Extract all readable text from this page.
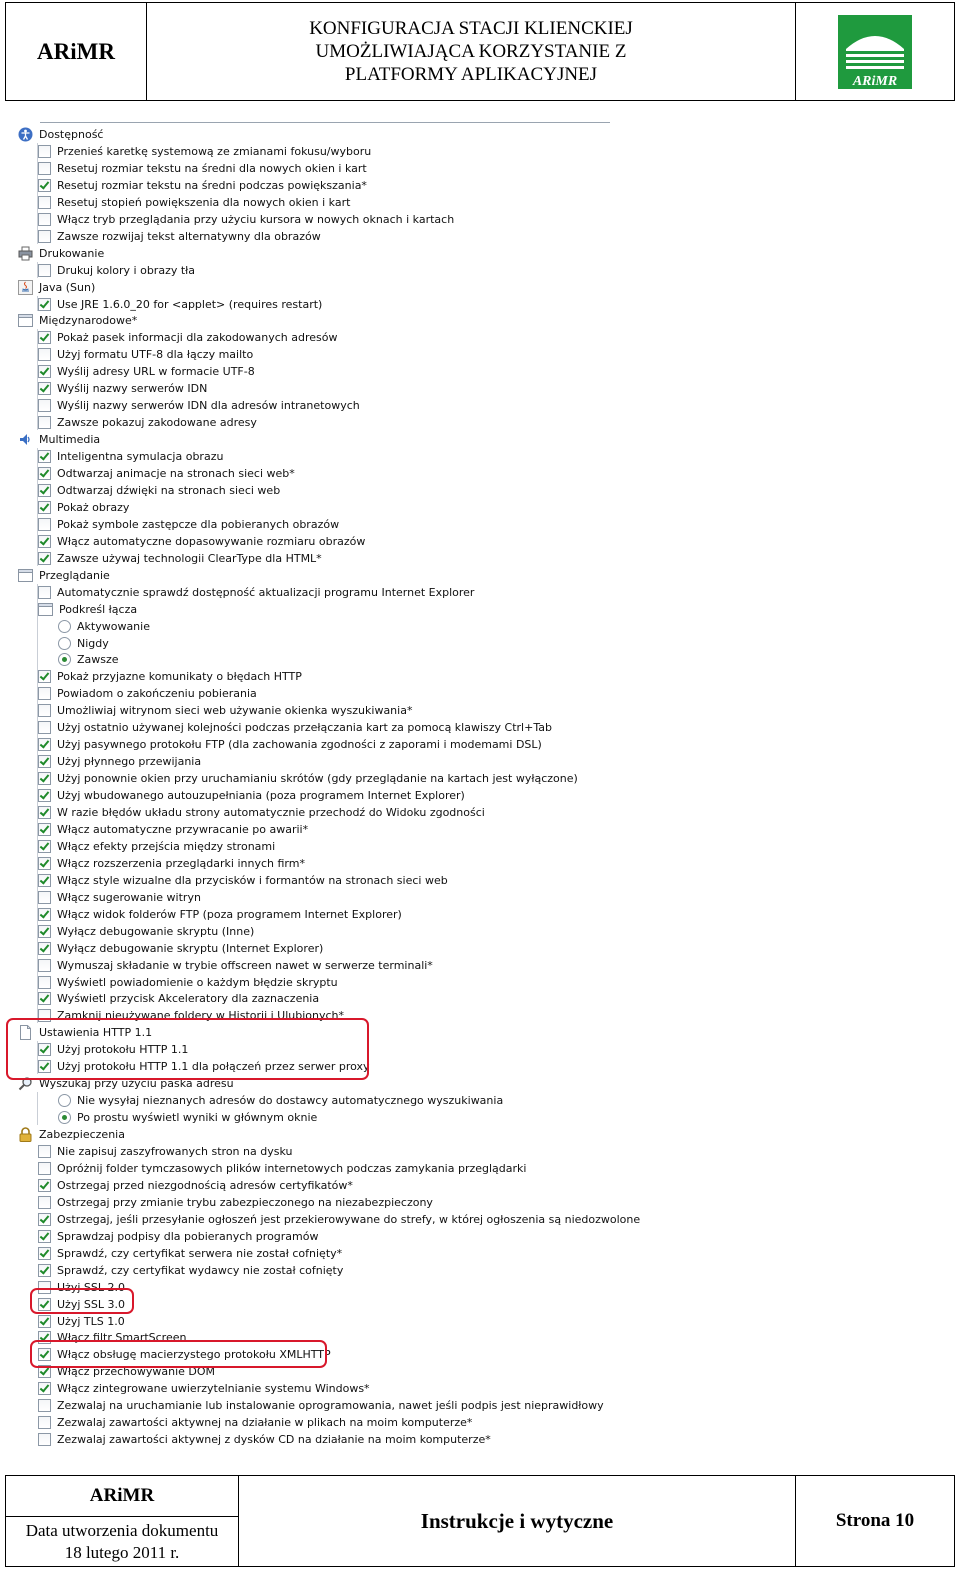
ARiMR
KONFIGURACJA STACJI KLIENCKIEJ
UMOŻLIWIAJĄCA KORZYSTANIE Z
PLATFORMY APLIKACYJNEJ	ARiMR
Dostępność
Przenieś karetkę systemową ze zmianami fokusu/wyboru
Resetuj rozmiar tekstu na średni dla nowych okien i kart
Resetuj rozmiar tekstu na średni podczas powiększania*
Resetuj stopień powiększenia dla nowych okien i kart
Włącz tryb przeglądania przy użyciu kursora w nowych oknach i kartach
Zawsze rozwijaj tekst alternatywny dla obrazów
Drukowanie
Drukuj kolory i obrazy tła
Java (Sun)
Use JRE 1.6.0_20 for <applet> (requires restart)
Międzynarodowe*
Pokaż pasek informacji dla zakodowanych adresów
Użyj formatu UTF-8 dla łączy mailto
Wyślij adresy URL w formacie UTF-8
Wyślij nazwy serwerów IDN
Wyślij nazwy serwerów IDN dla adresów intranetowych
Zawsze pokazuj zakodowane adresy
Multimedia
Inteligentna symulacja obrazu
Odtwarzaj animacje na stronach sieci web*
Odtwarzaj dźwięki na stronach sieci web
Pokaż obrazy
Pokaż symbole zastępcze dla pobieranych obrazów
Włącz automatyczne dopasowywanie rozmiaru obrazów
Zawsze używaj technologii ClearType dla HTML*
Przeglądanie
Automatycznie sprawdź dostępność aktualizacji programu Internet Explorer
Podkreśl łącza
Aktywowanie
Nigdy
Zawsze
Pokaż przyjazne komunikaty o błędach HTTP
Powiadom o zakończeniu pobierania
Umożliwiaj witrynom sieci web używanie okienka wyszukiwania*
Użyj ostatnio używanej kolejności podczas przełączania kart za pomocą klawiszy Ctrl+Tab
Użyj pasywnego protokołu FTP (dla zachowania zgodności z zaporami i modemami DSL)
Użyj płynnego przewijania
Użyj ponownie okien przy uruchamianiu skrótów (gdy przeglądanie na kartach jest wyłączone)
Użyj wbudowanego autouzupełniania (poza programem Internet Explorer)
W razie błędów układu strony automatycznie przechodź do Widoku zgodności
Włącz automatyczne przywracanie po awarii*
Włącz efekty przejścia między stronami
Włącz rozszerzenia przeglądarki innych firm*
Włącz style wizualne dla przycisków i formantów na stronach sieci web
Włącz sugerowanie witryn
Włącz widok folderów FTP (poza programem Internet Explorer)
Wyłącz debugowanie skryptu (Inne)
Wyłącz debugowanie skryptu (Internet Explorer)
Wymuszaj składanie w trybie offscreen nawet w serwerze terminali*
Wyświetl powiadomienie o każdym błędzie skryptu
Wyświetl przycisk Akceleratory dla zaznaczenia
Zamknij nieużywane foldery w Historii i Ulubionych*
Ustawienia HTTP 1.1
Użyj protokołu HTTP 1.1
Użyj protokołu HTTP 1.1 dla połączeń przez serwer proxy
Wyszukaj przy użyciu paska adresu
Nie wysyłaj nieznanych adresów do dostawcy automatycznego wyszukiwania
Po prostu wyświetl wyniki w głównym oknie
Zabezpieczenia
Nie zapisuj zaszyfrowanych stron na dysku
Opróżnij folder tymczasowych plików internetowych podczas zamykania przeglądarki
Ostrzegaj przed niezgodnością adresów certyfikatów*
Ostrzegaj przy zmianie trybu zabezpieczonego na niezabezpieczony
Ostrzegaj, jeśli przesyłanie ogłoszeń jest przekierowywane do strefy, w której ogłoszenia są niedozwolone
Sprawdzaj podpisy dla pobieranych programów
Sprawdź, czy certyfikat serwera nie został cofnięty*
Sprawdź, czy certyfikat wydawcy nie został cofnięty
Użyj SSL 2.0
Użyj SSL 3.0
Użyj TLS 1.0
Włącz filtr SmartScreen
Włącz obsługę macierzystego protokołu XMLHTTP
Włącz przechowywanie DOM
Włącz zintegrowane uwierzytelnianie systemu Windows*
Zezwalaj na uruchamianie lub instalowanie oprogramowania, nawet jeśli podpis jest nieprawidłowy
Zezwalaj zawartości aktywnej na działanie w plikach na moim komputerze*
Zezwalaj zawartości aktywnej z dysków CD na działanie na moim komputerze*
ARiMR
Data utworzenia dokumentu
18 lutego 2011 r.
Instrukcje i wytyczne	Strona 10
